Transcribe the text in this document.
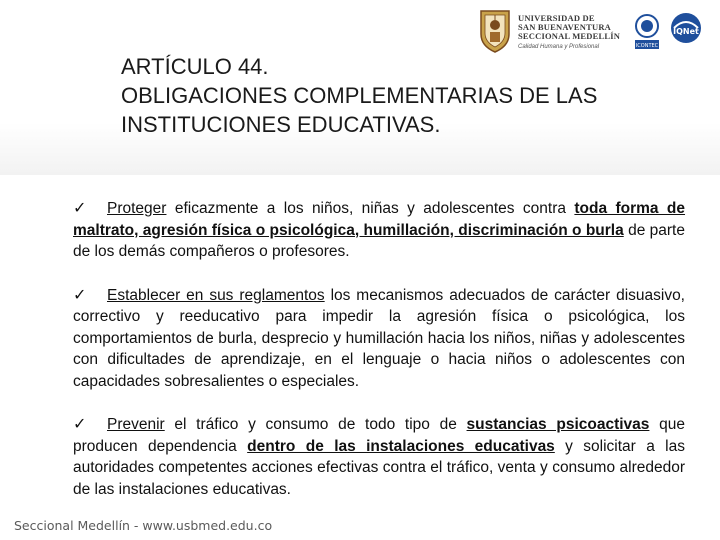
UNIVERSIDAD DE
SAN BUENAVENTURA
SECCIONAL MEDELLÍN
Calidad Humana y Profesional	ICONTEC
IQNet
ARTÍCULO 44.
OBLIGACIONES COMPLEMENTARIAS DE LAS
INSTITUCIONES EDUCATIVAS.

✓ Proteger eficazmente a los niños, niñas y adolescentes contra toda forma de maltrato, agresión física o psicológica, humillación, discriminación o burla de parte de los demás compañeros o profesores.

✓ Establecer en sus reglamentos los mecanismos adecuados de carácter disuasivo, correctivo y reeducativo para impedir la agresión física o psicológica, los comportamientos de burla, desprecio y humillación hacia los niños, niñas y adolescentes con dificultades de aprendizaje, en el lenguaje o hacia niños o adolescentes con capacidades sobresalientes o especiales.

✓ Prevenir el tráfico y consumo de todo tipo de sustancias psicoactivas que producen dependencia dentro de las instalaciones educativas y solicitar a las autoridades competentes acciones efectivas contra el tráfico, venta y consumo alrededor de las instalaciones educativas.

Seccional Medellín - www.usbmed.edu.co
